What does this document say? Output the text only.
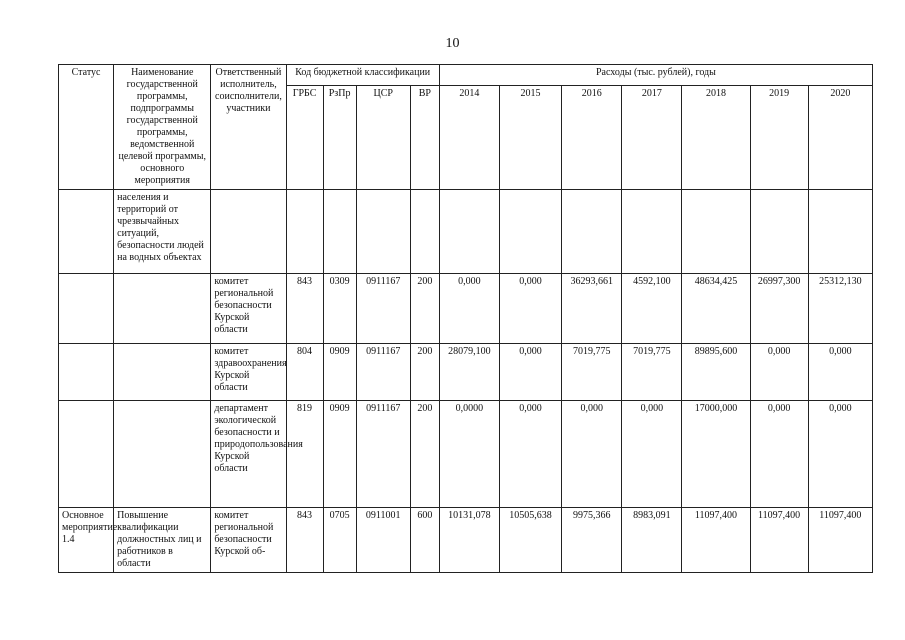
10
Статус	Наименование государственной программы, подпрограммы государственной программы, ведомственной целевой программы, основного мероприятия	Ответственный исполнитель, соисполнители, участники	Код бюджетной классификации				Расходы (тыс. рублей), годы						
			ГРБС	РзПр	ЦСР	ВР	2014	2015	2016	2017	2018	2019	2020
	населения и территорий от чрезвычайных ситуаций, безопасности людей на водных объектах												
		комитет региональной безопасности Курской области	843	0309	0911167	200	0,000	0,000	36293,661	4592,100	48634,425	26997,300	25312,130
		комитет здравоохранения Курской области	804	0909	0911167	200	28079,100	0,000	7019,775	7019,775	89895,600	0,000	0,000
		департамент экологической безопасности и природопользования Курской области	819	0909	0911167	200	0,0000	0,000	0,000	0,000	17000,000	0,000	0,000
Основное мероприятие 1.4	Повышение квалификации должностных лиц и работников в области	комитет региональной безопасности Курской об-	843	0705	0911001	600	10131,078	10505,638	9975,366	8983,091	11097,400	11097,400	11097,400
